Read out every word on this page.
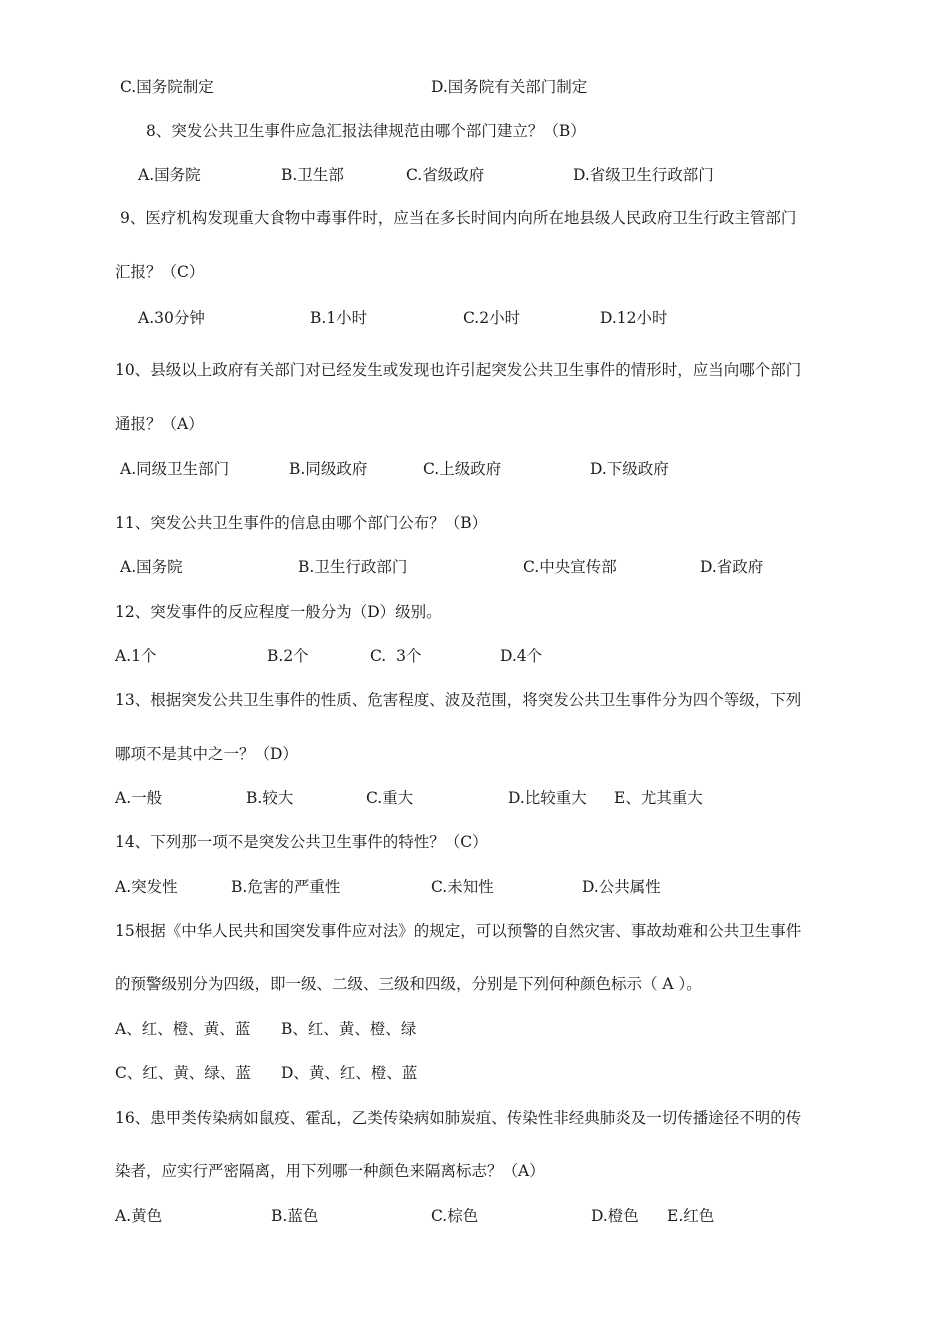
C.国务院制定	D.国务院有关部门制定
8、突发公共卫生事件应急汇报法律规范由哪个部门建立？（B）
A.国务院	B.卫生部	C.省级政府	D.省级卫生行政部门
9、医疗机构发现重大食物中毒事件时，应当在多长时间内向所在地县级人民政府卫生行政主管部门
汇报？（C）
A.30分钟	B.1小时	C.2小时	D.12小时
10、县级以上政府有关部门对已经发生或发现也许引起突发公共卫生事件的情形时，应当向哪个部门
通报？（A）
A.同级卫生部门	B.同级政府	C.上级政府	D.下级政府
11、突发公共卫生事件的信息由哪个部门公布？（B）
A.国务院	B.卫生行政部门	C.中央宣传部	D.省政府
12、突发事件的反应程度一般分为（D）级别。
A.1个	B.2个	C.  3个	D.4个
13、根据突发公共卫生事件的性质、危害程度、波及范围，将突发公共卫生事件分为四个等级，下列
哪项不是其中之一？（D）
A.一般	B.较大	C.重大	D.比较重大 E、尤其重大
14、下列那一项不是突发公共卫生事件的特性？（C）
A.突发性	B.危害的严重性	C.未知性	D.公共属性
15根据《中华人民共和国突发事件应对法》的规定，可以预警的自然灾害、事故劫难和公共卫生事件
的预警级别分为四级，即一级、二级、三级和四级，分别是下列何种颜色标示（ A ）。
A、红、橙、黄、蓝 B、红、黄、橙、绿
C、红、黄、绿、蓝 D、黄、红、橙、蓝
16、患甲类传染病如鼠疫、霍乱，乙类传染病如肺炭疽、传染性非经典肺炎及一切传播途径不明的传
染者，应实行严密隔离，用下列哪一种颜色来隔离标志？（A）
A.黄色	B.蓝色	C.棕色	D.橙色 E.红色
